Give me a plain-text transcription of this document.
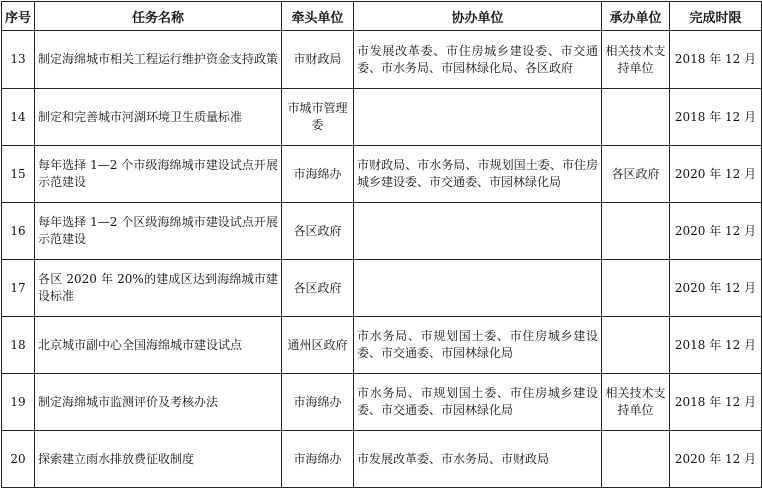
序号	任务名称	牵头单位	协办单位	承办单位	完成时限
13	制定海绵城市相关工程运行维护资金支持政策	市财政局	市发展改革委、市住房城乡建设委、市交通委、市水务局、市园林绿化局、各区政府	相关技术支持单位	2018 年 12 月
14	制定和完善城市河湖环境卫生质量标准	市城市管理委			2018 年 12 月
15	每年选择 1—2 个市级海绵城市建设试点开展示范建设	市海绵办	市财政局、市水务局、市规划国土委、市住房城乡建设委、市交通委、市园林绿化局	各区政府	2020 年 12 月
16	每年选择 1—2 个区级海绵城市建设试点开展示范建设	各区政府			2020 年 12 月
17	各区 2020 年 20%的建成区达到海绵城市建设标准	各区政府			2020 年 12 月
18	北京城市副中心全国海绵城市建设试点	通州区政府	市水务局、市规划国土委、市住房城乡建设委、市交通委、市园林绿化局		2018 年 12 月
19	制定海绵城市监测评价及考核办法	市海绵办	市水务局、市规划国土委、市住房城乡建设委、市交通委、市园林绿化局	相关技术支持单位	2018 年 12 月
20	探索建立雨水排放费征收制度	市海绵办	市发展改革委、市水务局、市财政局		2020 年 12 月
